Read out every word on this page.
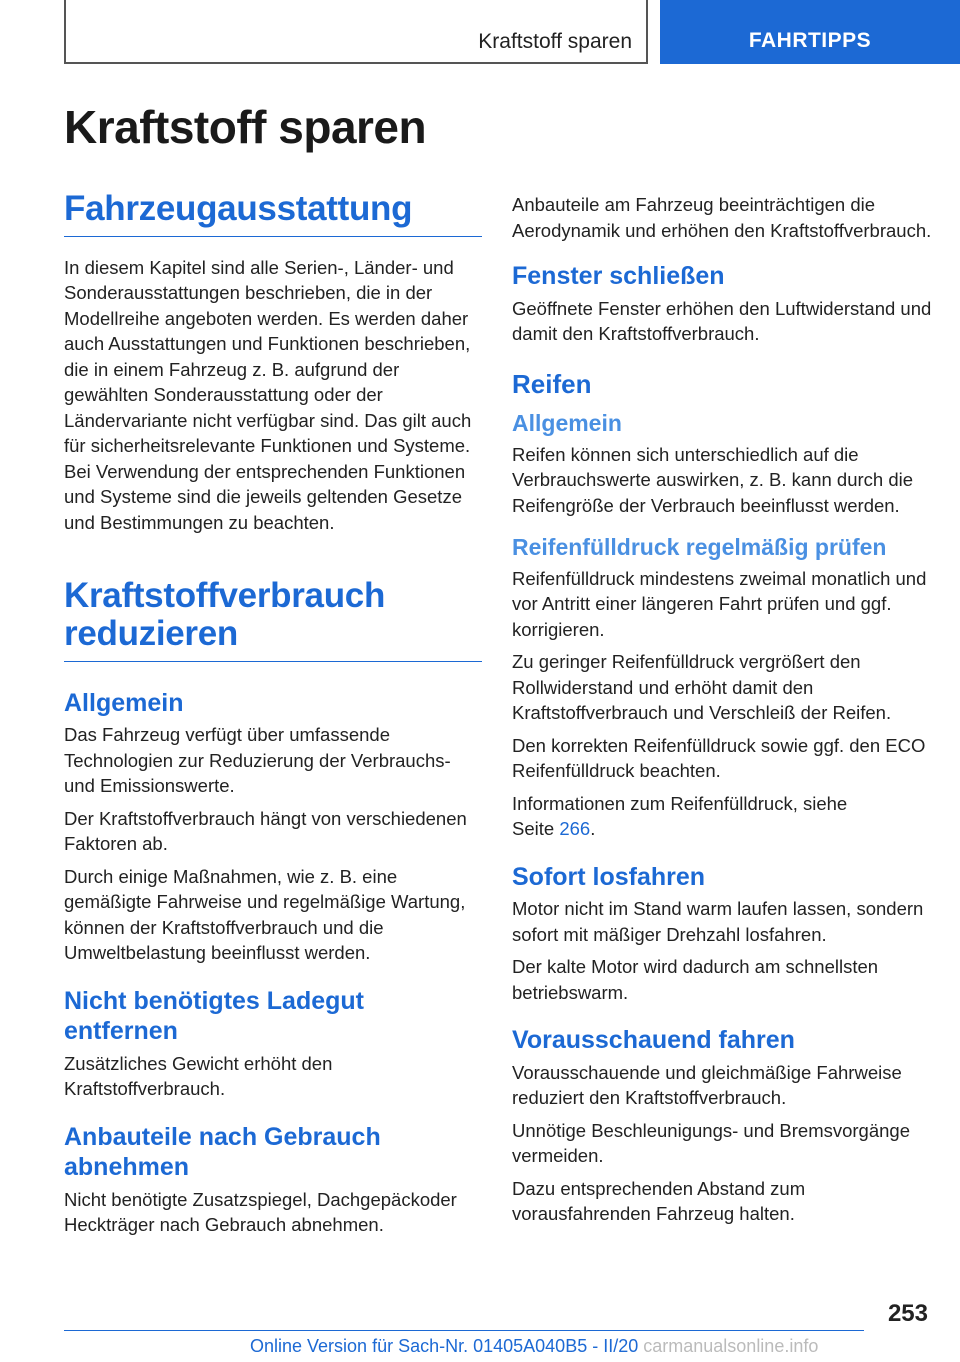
Kraftstoff sparen	FAHRTIPPS
Kraftstoff sparen
Fahrzeugausstattung

In diesem Kapitel sind alle Serien-, Länder- und Sonderausstattungen beschrieben, die in der Modellreihe angeboten werden. Es werden daher auch Ausstattungen und Funktionen beschrieben, die in einem Fahrzeug z. B. aufgrund der gewählten Sonderausstattung oder der Ländervariante nicht verfügbar sind. Das gilt auch für sicherheitsrelevante Funktionen und Systeme. Bei Verwendung der entsprechenden Funktionen und Systeme sind die jeweils geltenden Gesetze und Bestimmungen zu beachten.

Kraftstoffverbrauch reduzieren
Allgemein

Das Fahrzeug verfügt über umfassende Technologien zur Reduzierung der Verbrauchs- und Emissionswerte.

Der Kraftstoffverbrauch hängt von verschiedenen Faktoren ab.

Durch einige Maßnahmen, wie z. B. eine gemäßigte Fahrweise und regelmäßige Wartung, können der Kraftstoffverbrauch und die Umweltbelastung beeinflusst werden.

Nicht benötigtes Ladegut entfernen

Zusätzliches Gewicht erhöht den Kraftstoffverbrauch.

Anbauteile nach Gebrauch abnehmen

Nicht benötigte Zusatzspiegel, Dachgepäckoder Heckträger nach Gebrauch abnehmen.

Anbauteile am Fahrzeug beeinträchtigen die Aerodynamik und erhöhen den Kraftstoffverbrauch.

Fenster schließen

Geöffnete Fenster erhöhen den Luftwiderstand und damit den Kraftstoffverbrauch.

Reifen
Allgemein

Reifen können sich unterschiedlich auf die Verbrauchswerte auswirken, z. B. kann durch die Reifengröße der Verbrauch beeinflusst werden.

Reifenfülldruck regelmäßig prüfen

Reifenfülldruck mindestens zweimal monatlich und vor Antritt einer längeren Fahrt prüfen und ggf. korrigieren.

Zu geringer Reifenfülldruck vergrößert den Rollwiderstand und erhöht damit den Kraftstoffverbrauch und Verschleiß der Reifen.

Den korrekten Reifenfülldruck sowie ggf. den ECO Reifenfülldruck beachten.

Informationen zum Reifenfülldruck, siehe
Seite 266.

Sofort losfahren

Motor nicht im Stand warm laufen lassen, sondern sofort mit mäßiger Drehzahl losfahren.

Der kalte Motor wird dadurch am schnellsten betriebswarm.

Vorausschauend fahren

Vorausschauende und gleichmäßige Fahrweise reduziert den Kraftstoffverbrauch.

Unnötige Beschleunigungs- und Bremsvorgänge vermeiden.

Dazu entsprechenden Abstand zum vorausfahrenden Fahrzeug halten.

253
Online Version für Sach-Nr. 01405A040B5 - II/20 carmanualsonline.info
